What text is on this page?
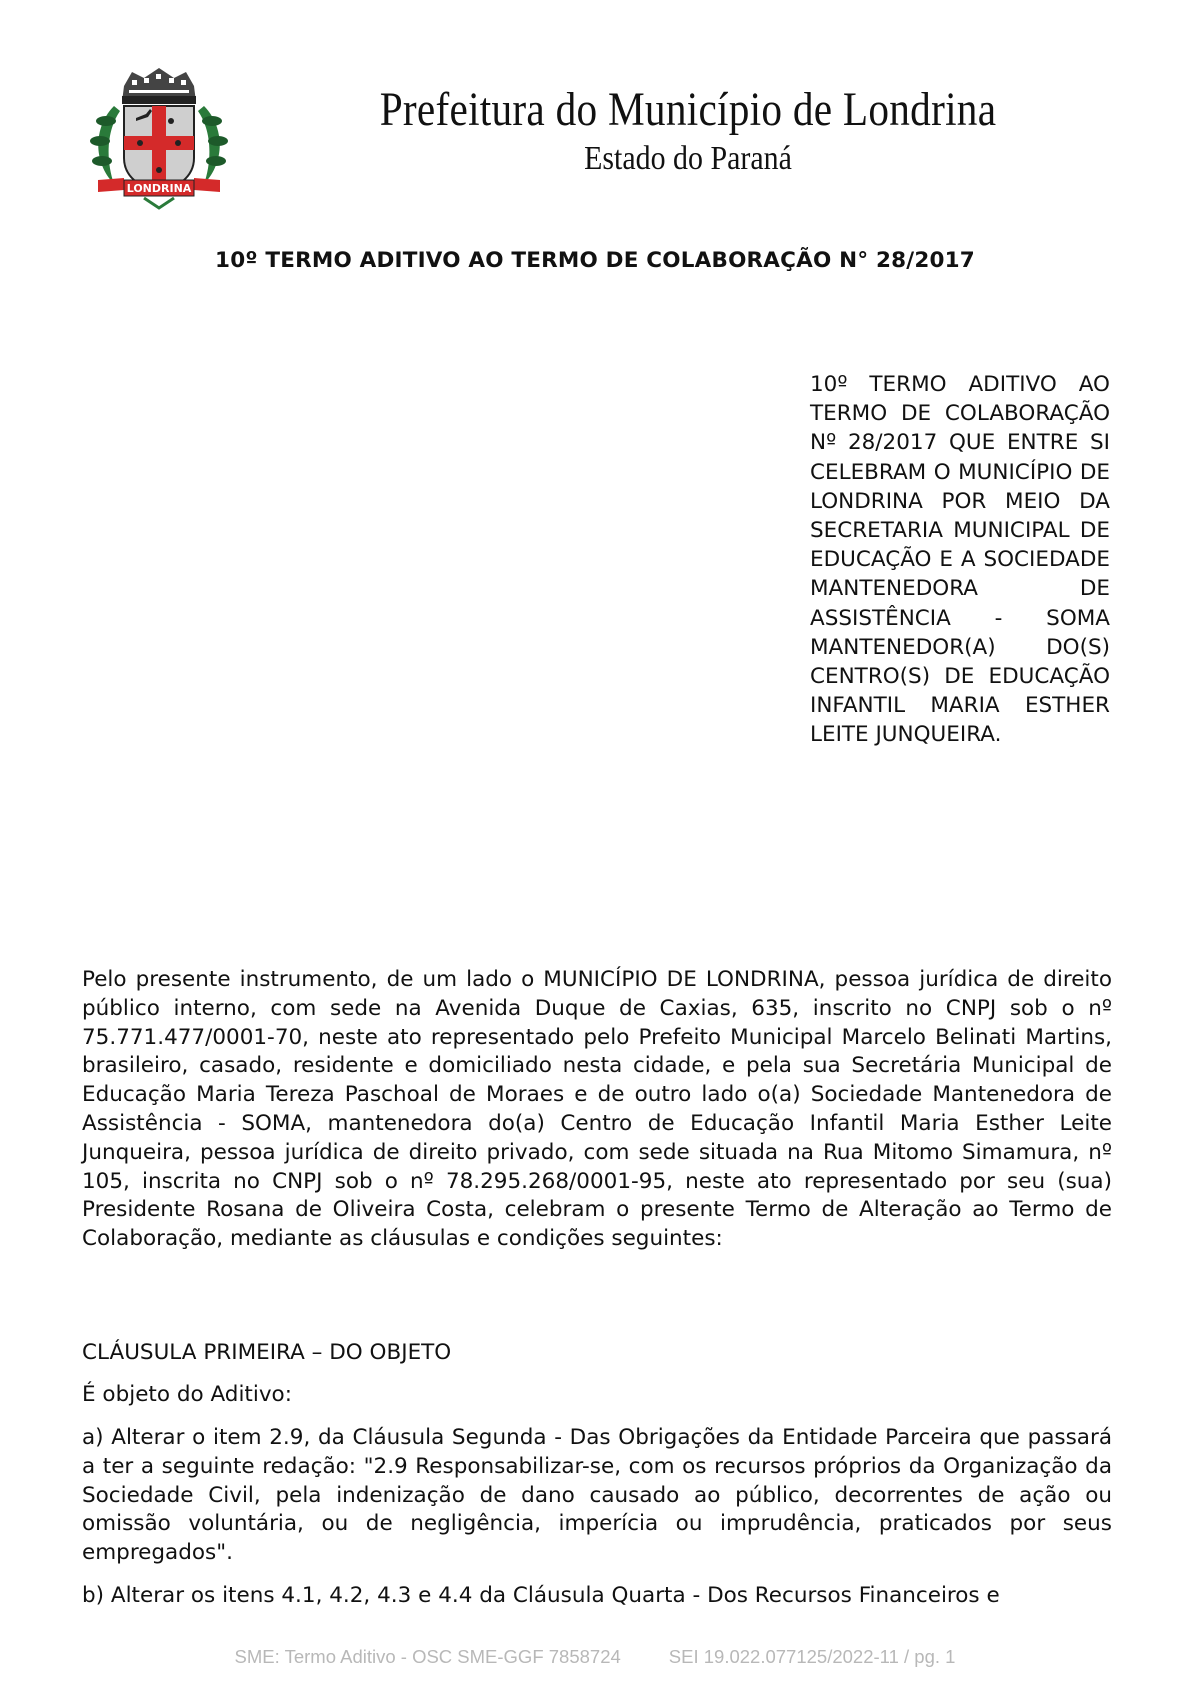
LONDRINA
Prefeitura do Município de Londrina
Estado do Paraná
10º TERMO ADITIVO AO TERMO DE COLABORAÇÃO N° 28/2017
10º TERMO ADITIVO AO TERMO DE COLABORAÇÃO Nº 28/2017 QUE ENTRE SI CELEBRAM O MUNICÍPIO DE LONDRINA POR MEIO DA SECRETARIA MUNICIPAL DE EDUCAÇÃO E A SOCIEDADE MANTENEDORA DE ASSISTÊNCIA - SOMA MANTENEDOR(A) DO(S) CENTRO(S) DE EDUCAÇÃO INFANTIL MARIA ESTHER LEITE JUNQUEIRA.
Pelo presente instrumento, de um lado o MUNICÍPIO DE LONDRINA, pessoa jurídica de direito público interno, com sede na Avenida Duque de Caxias, 635, inscrito no CNPJ sob o nº 75.771.477/0001-70, neste ato representado pelo Prefeito Municipal Marcelo Belinati Martins, brasileiro, casado, residente e domiciliado nesta cidade, e pela sua Secretária Municipal de Educação Maria Tereza Paschoal de Moraes e de outro lado o(a) Sociedade Mantenedora de Assistência - SOMA, mantenedora do(a) Centro de Educação Infantil Maria Esther Leite Junqueira, pessoa jurídica de direito privado, com sede situada na Rua Mitomo Simamura, nº 105, inscrita no CNPJ sob o nº 78.295.268/0001-95, neste ato representado por seu (sua) Presidente Rosana de Oliveira Costa, celebram o presente Termo de Alteração ao Termo de Colaboração, mediante as cláusulas e condições seguintes:
CLÁUSULA PRIMEIRA – DO OBJETO
É objeto do Aditivo:
a) Alterar o item 2.9, da Cláusula Segunda - Das Obrigações da Entidade Parceira que passará a ter a seguinte redação: "2.9 Responsabilizar-se, com os recursos próprios da Organização da Sociedade Civil, pela indenização de dano causado ao público, decorrentes de ação ou omissão voluntária, ou de negligência, imperícia ou imprudência, praticados por seus empregados".
b) Alterar os itens 4.1, 4.2, 4.3 e 4.4 da Cláusula Quarta - Dos Recursos Financeiros e
SME: Termo Aditivo - OSC SME-GGF 7858724	SEI 19.022.077125/2022-11 / pg. 1
